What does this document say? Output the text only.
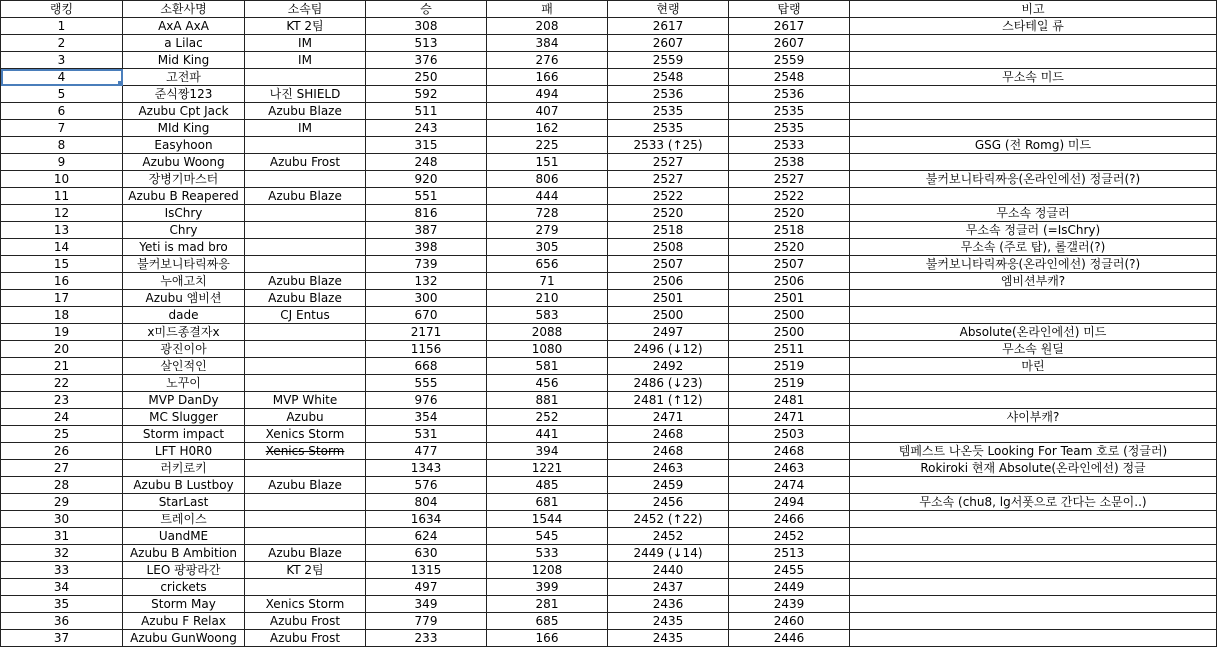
랭킹	소환사명	소속팀	승	패	현랭	탑랭	비고
1	AxA AxA	KT 2팀	308	208	2617	2617	스타테일 류
2	a Lilac	IM	513	384	2607	2607	
3	Mid King	IM	376	276	2559	2559	
4	고전파		250	166	2548	2548	무소속 미드
5	준식짱123	나진 SHIELD	592	494	2536	2536	
6	Azubu Cpt Jack	Azubu Blaze	511	407	2535	2535	
7	MId King	IM	243	162	2535	2535	
8	Easyhoon		315	225	2533 (↑25)	2533	GSG (전 Romg) 미드
9	Azubu Woong	Azubu Frost	248	151	2527	2538	
10	장병기마스터		920	806	2527	2527	불커보니타릭짜응(온라인에선) 정글러(?)
11	Azubu B Reapered	Azubu Blaze	551	444	2522	2522	
12	IsChry		816	728	2520	2520	무소속 정글러
13	Chry		387	279	2518	2518	무소속 정글러 (=IsChry)
14	Yeti is mad bro		398	305	2508	2520	무소속 (주로 탑), 롤갤러(?)
15	불커보니타릭짜응		739	656	2507	2507	불커보니타릭짜응(온라인에선) 정글러(?)
16	누애고치	Azubu Blaze	132	71	2506	2506	엠비션부캐?
17	Azubu 엠비션	Azubu Blaze	300	210	2501	2501	
18	dade	CJ Entus	670	583	2500	2500	
19	x미드종결자x		2171	2088	2497	2500	Absolute(온라인에선) 미드
20	광진이아		1156	1080	2496 (↓12)	2511	무소속 원딜
21	살인적인		668	581	2492	2519	마린
22	노꾸이		555	456	2486 (↓23)	2519	
23	MVP DanDy	MVP White	976	881	2481 (↑12)	2481	
24	MC Slugger	Azubu	354	252	2471	2471	샤이부캐?
25	Storm impact	Xenics Storm	531	441	2468	2503	
26	LFT H0R0	Xenics Storm	477	394	2468	2468	템페스트 나온듯 Looking For Team 호로 (정글러)
27	러키로키		1343	1221	2463	2463	Rokiroki 현재 Absolute(온라인에선) 정글
28	Azubu B Lustboy	Azubu Blaze	576	485	2459	2474	
29	StarLast		804	681	2456	2494	무소속 (chu8, lg서폿으로 간다는 소문이..)
30	트레이스		1634	1544	2452 (↑22)	2466	
31	UandME		624	545	2452	2452	
32	Azubu B Ambition	Azubu Blaze	630	533	2449 (↓14)	2513	
33	LEO 팡팡라간	KT 2팀	1315	1208	2440	2455	
34	crickets		497	399	2437	2449	
35	Storm May	Xenics Storm	349	281	2436	2439	
36	Azubu F Relax	Azubu Frost	779	685	2435	2460	
37	Azubu GunWoong	Azubu Frost	233	166	2435	2446	
